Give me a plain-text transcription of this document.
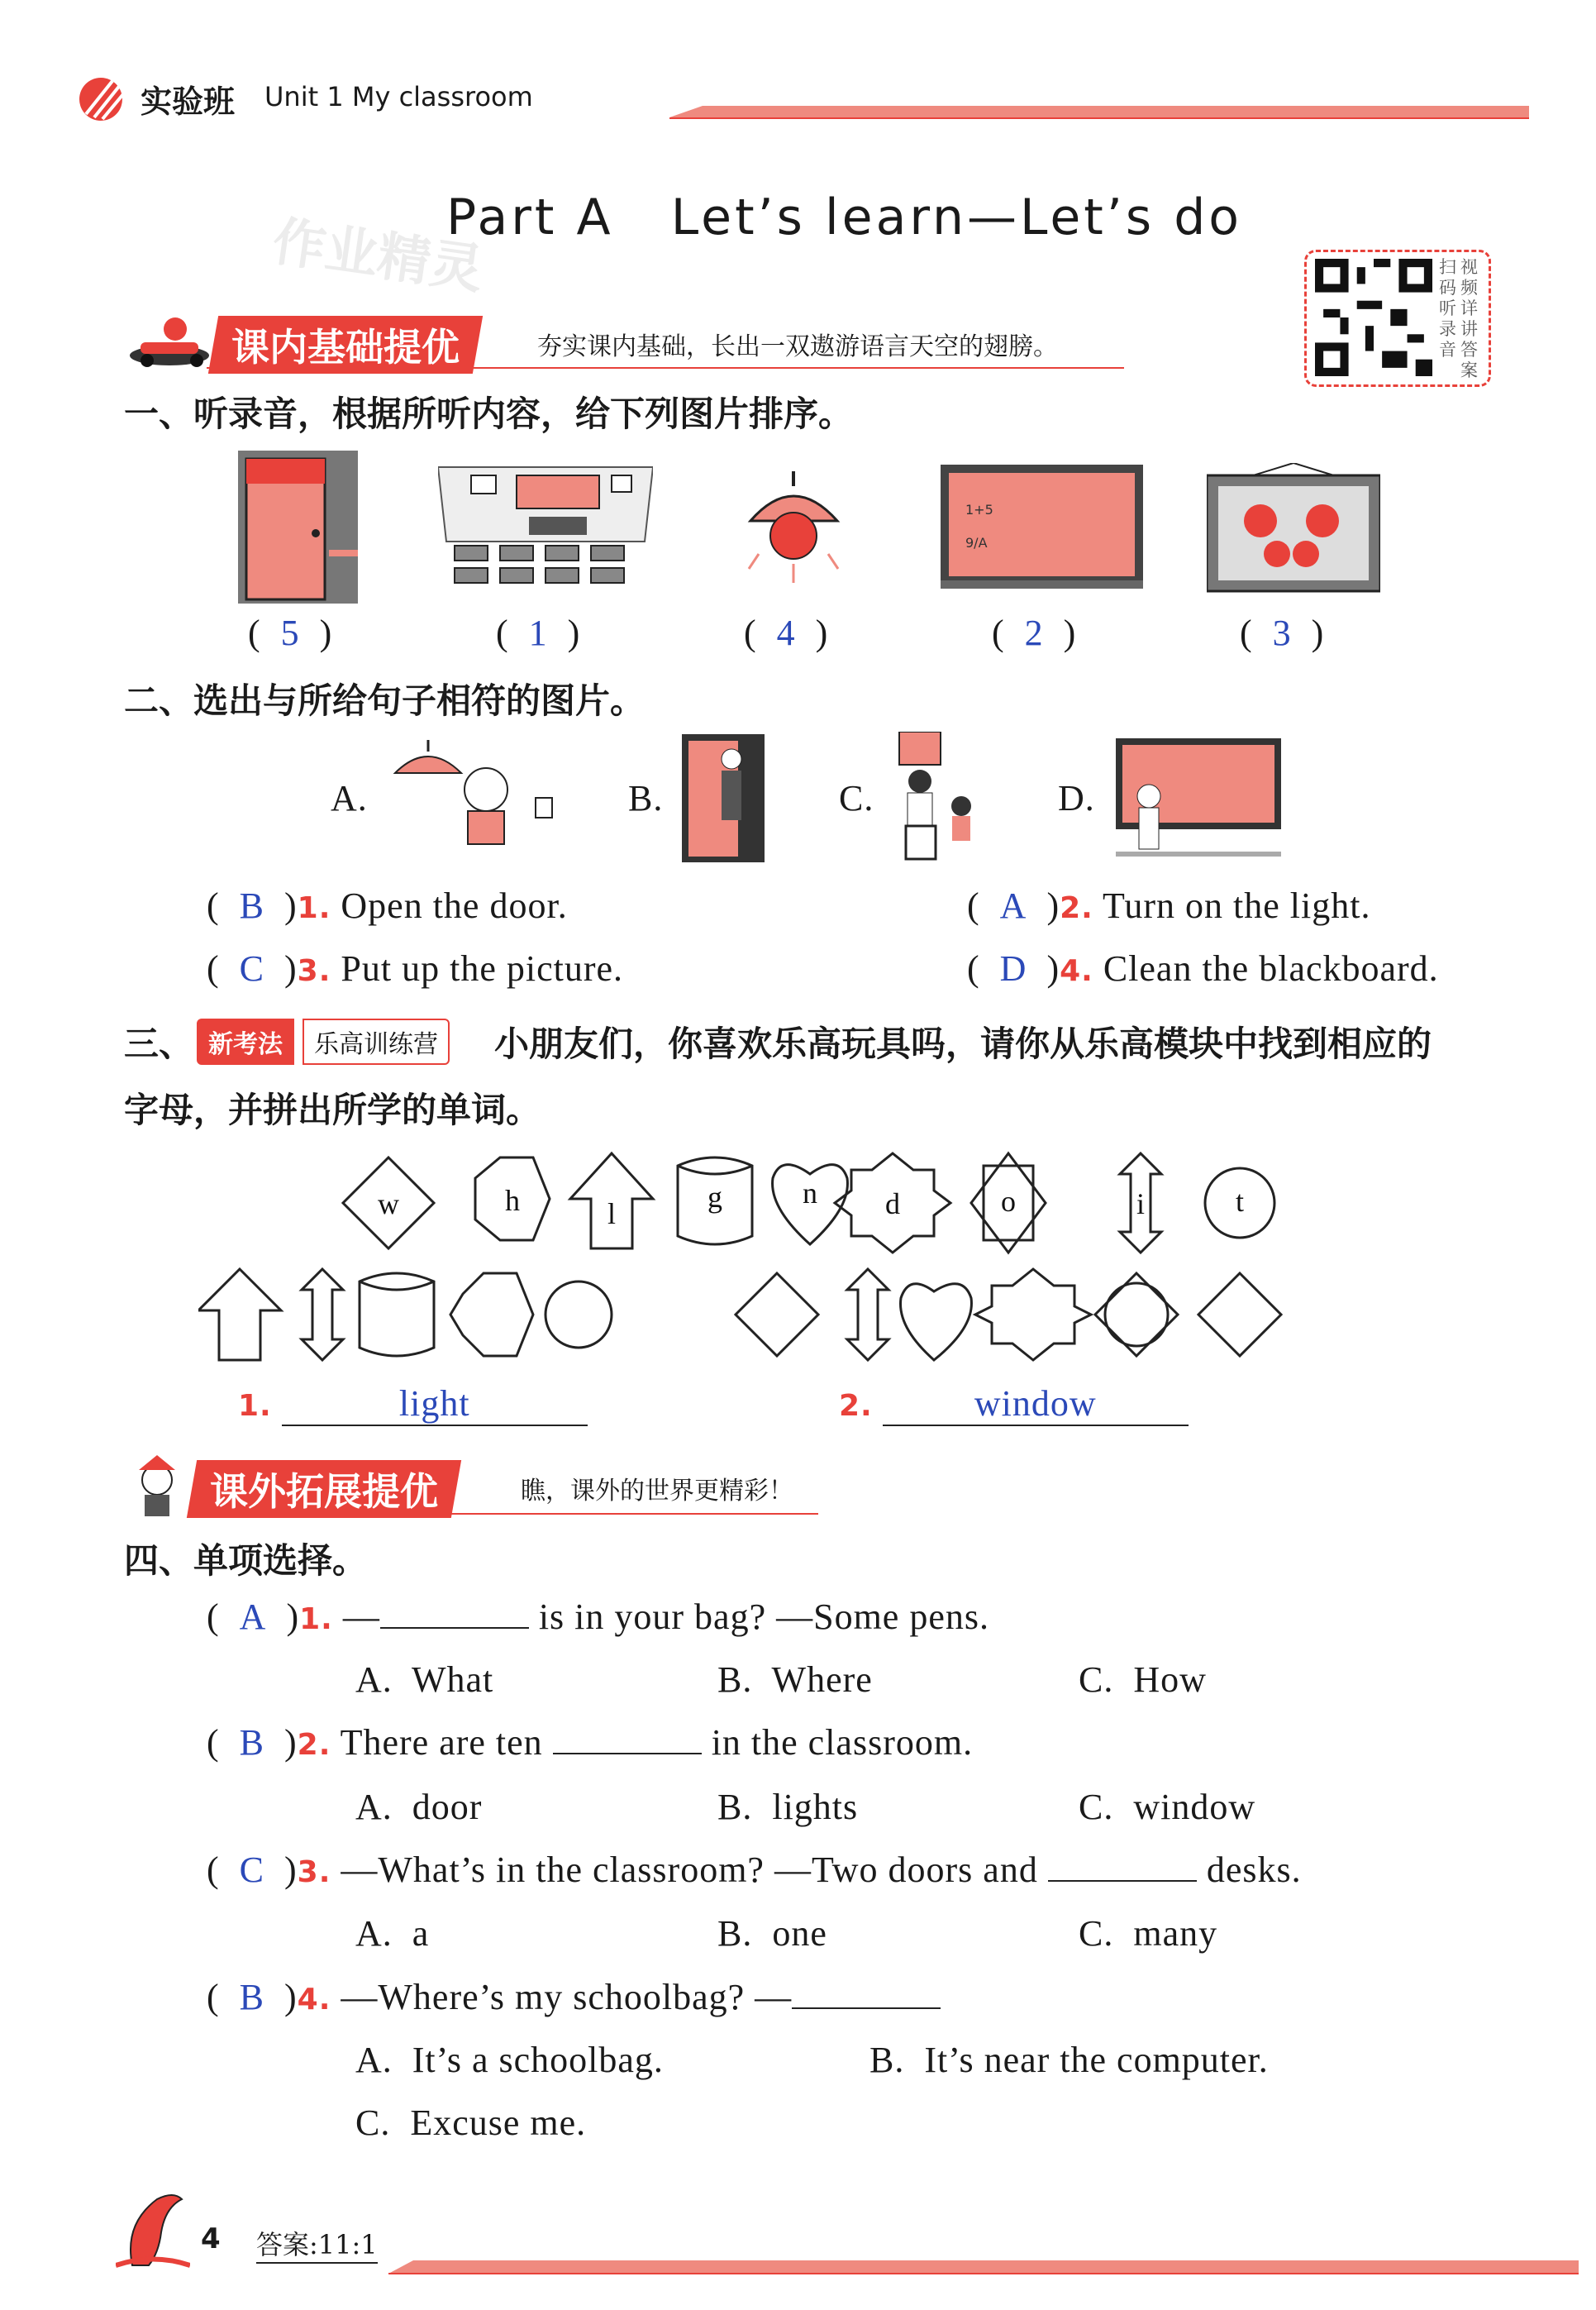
实验班 Unit 1 My classroom
作业精灵
Part A   Let’s learn—Let’s do
扫码听录音
视频详讲答案
课内基础提优	夯实课内基础，长出一双遨游语言天空的翅膀。
一、听录音，根据所听内容，给下列图片排序。
1+5
9/A
(  5  )	(  1  )	(  4  )	(  2  )	(  3  )
二、选出与所给句子相符的图片。
A.	B.	C.	D.
(  B  )1. Open the door.	(  A  )2. Turn on the light.
(  C  )3. Put up the picture.	(  D  )4. Clean the blackboard.
三、 新考法	乐高训练营	小朋友们，你喜欢乐高玩具吗，请你从乐高模块中找到相应的
字母，并拼出所学的单词。
w	h	l	g	n d	o	i	t
1.	light	2.	window
课外拓展提优	瞧，课外的世界更精彩！
四、单项选择。
(  A  )1. —	is in your bag? —Some pens.
A.  What	B.  Where	C.  How
(  B  )2. There are ten	in the classroom.
A.  door	B.  lights	C.  window
(  C  )3. —What’s in the classroom? —Two doors and	desks.
A.  a	B.  one	C.  many
(  B  )4. —Where’s my schoolbag? —
A.  It’s a schoolbag.	B.  It’s near the computer.
C.  Excuse me.
4 答案:11:1
